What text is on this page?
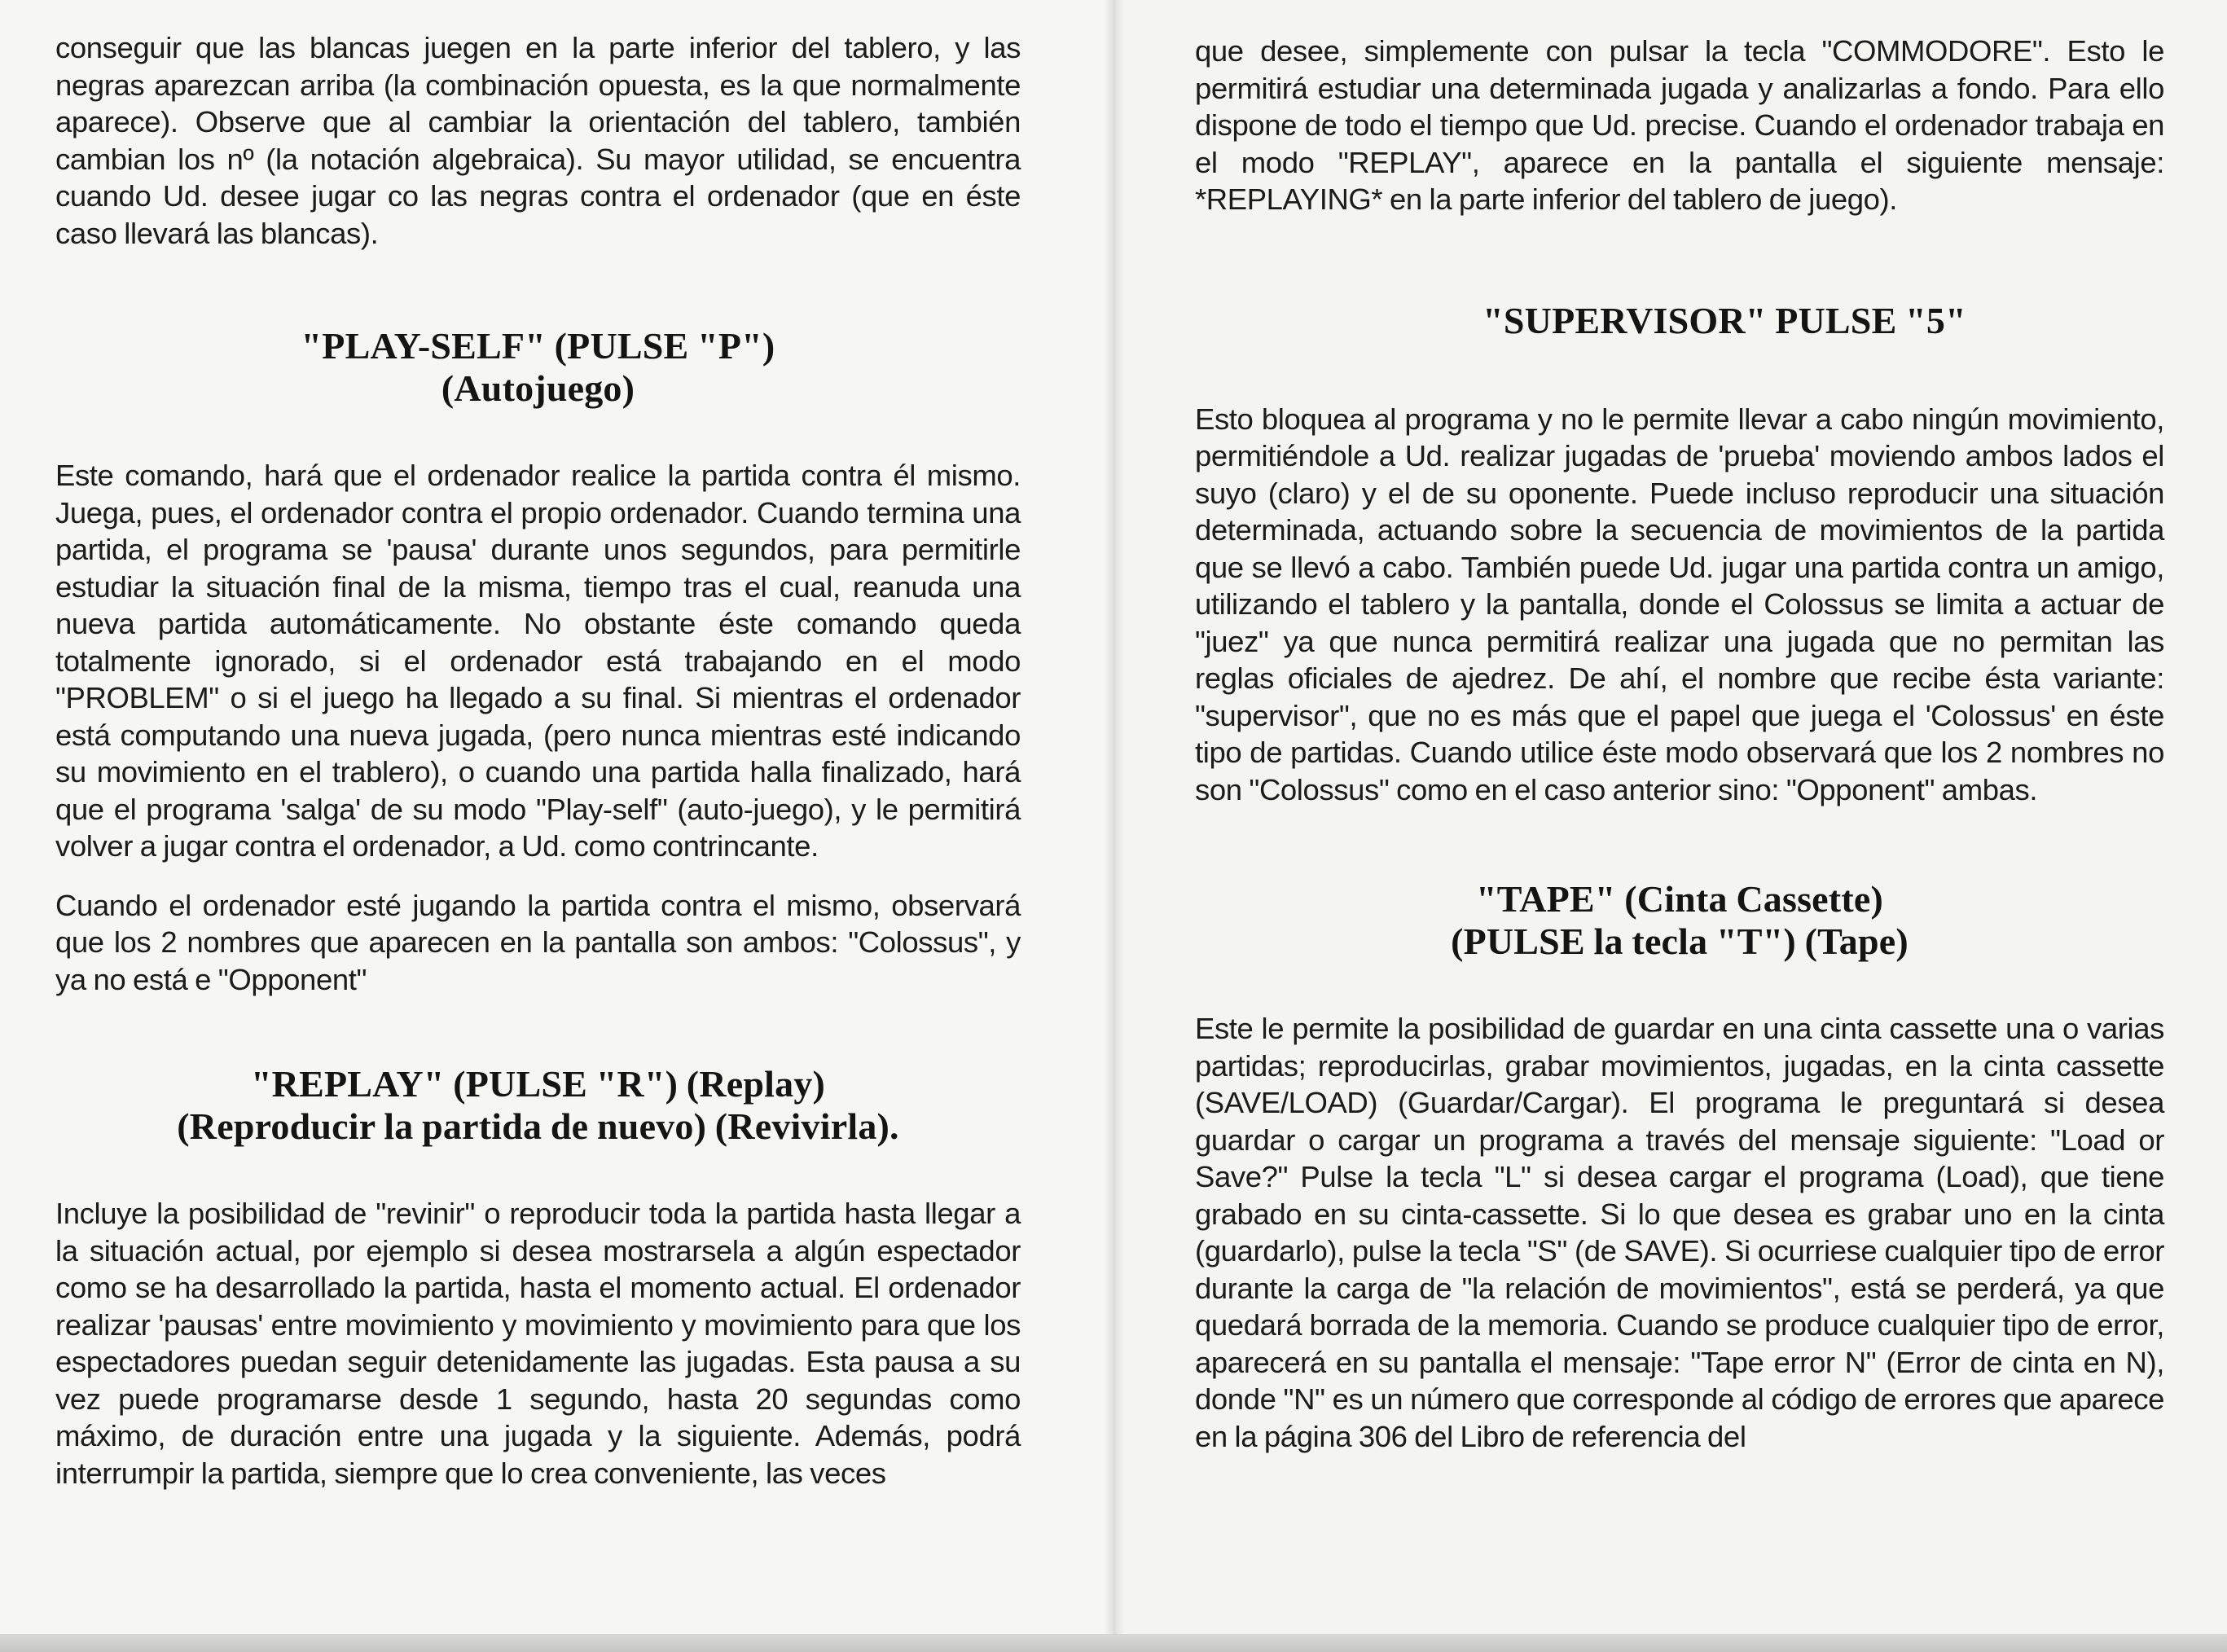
conseguir que las blancas juegen en la parte inferior del tablero, y las negras aparezcan arriba (la combinación opuesta, es la que normalmente aparece). Observe que al cambiar la orientación del tablero, también cambian los nº (la notación algebraica). Su mayor utilidad, se encuentra cuando Ud. desee jugar co las negras contra el ordenador (que en éste caso llevará las blancas).

"PLAY-SELF" (PULSE "P")
(Autojuego)

Este comando, hará que el ordenador realice la partida contra él mismo. Juega, pues, el ordenador contra el propio ordenador. Cuando termina una partida, el programa se 'pausa' durante unos segundos, para permitirle estudiar la situación final de la misma, tiempo tras el cual, reanuda una nueva partida automáticamente. No obstante éste comando queda totalmente ignorado, si el ordenador está trabajando en el modo "PROBLEM" o si el juego ha llegado a su final. Si mientras el ordenador está computando una nueva jugada, (pero nunca mientras esté indicando su movimiento en el trablero), o cuando una partida halla finalizado, hará que el programa 'salga' de su modo "Play-self" (auto-juego), y le permitirá volver a jugar contra el ordenador, a Ud. como contrincante.

Cuando el ordenador esté jugando la partida contra el mismo, observará que los 2 nombres que aparecen en la pantalla son ambos: "Colossus", y ya no está e "Opponent"

"REPLAY" (PULSE "R") (Replay)
(Reproducir la partida de nuevo) (Revivirla).

Incluye la posibilidad de "revinir" o reproducir toda la partida hasta llegar a la situación actual, por ejemplo si desea mostrarsela a algún espectador como se ha desarrollado la partida, hasta el momento actual. El ordenador realizar 'pausas' entre movimiento y movimiento y movimiento para que los espectadores puedan seguir detenidamente las jugadas. Esta pausa a su vez puede programarse desde 1 segundo, hasta 20 segundas como máximo, de duración entre una jugada y la siguiente. Además, podrá interrumpir la partida, siempre que lo crea conveniente, las veces

que desee, simplemente con pulsar la tecla "COMMODORE". Esto le permitirá estudiar una determinada jugada y analizarlas a fondo. Para ello dispone de todo el tiempo que Ud. precise. Cuando el ordenador trabaja en el modo "REPLAY", aparece en la pantalla el siguiente mensaje: *REPLAYING* en la parte inferior del tablero de juego).

"SUPERVISOR" PULSE "5"

Esto bloquea al programa y no le permite llevar a cabo ningún movimiento, permitiéndole a Ud. realizar jugadas de 'prueba' moviendo ambos lados el suyo (claro) y el de su oponente. Puede incluso reproducir una situación determinada, actuando sobre la secuencia de movimientos de la partida que se llevó a cabo. También puede Ud. jugar una partida contra un amigo, utilizando el tablero y la pantalla, donde el Colossus se limita a actuar de "juez" ya que nunca permitirá realizar una jugada que no permitan las reglas oficiales de ajedrez. De ahí, el nombre que recibe ésta variante: "supervisor", que no es más que el papel que juega el 'Colossus' en éste tipo de partidas. Cuando utilice éste modo observará que los 2 nombres no son "Colossus" como en el caso anterior sino: "Opponent" ambas.

"TAPE" (Cinta Cassette)
(PULSE la tecla "T") (Tape)

Este le permite la posibilidad de guardar en una cinta cassette una o varias partidas; reproducirlas, grabar movimientos, jugadas, en la cinta cassette (SAVE/LOAD) (Guardar/Cargar). El programa le preguntará si desea guardar o cargar un programa a través del mensaje siguiente: "Load or Save?" Pulse la tecla "L" si desea cargar el programa (Load), que tiene grabado en su cinta-cassette. Si lo que desea es grabar uno en la cinta (guardarlo), pulse la tecla "S" (de SAVE). Si ocurriese cualquier tipo de error durante la carga de "la relación de movimientos", está se perderá, ya que quedará borrada de la memoria. Cuando se produce cualquier tipo de error, aparecerá en su pantalla el mensaje: "Tape error N" (Error de cinta en N), donde "N" es un número que corresponde al código de errores que aparece en la página 306 del Libro de referencia del
